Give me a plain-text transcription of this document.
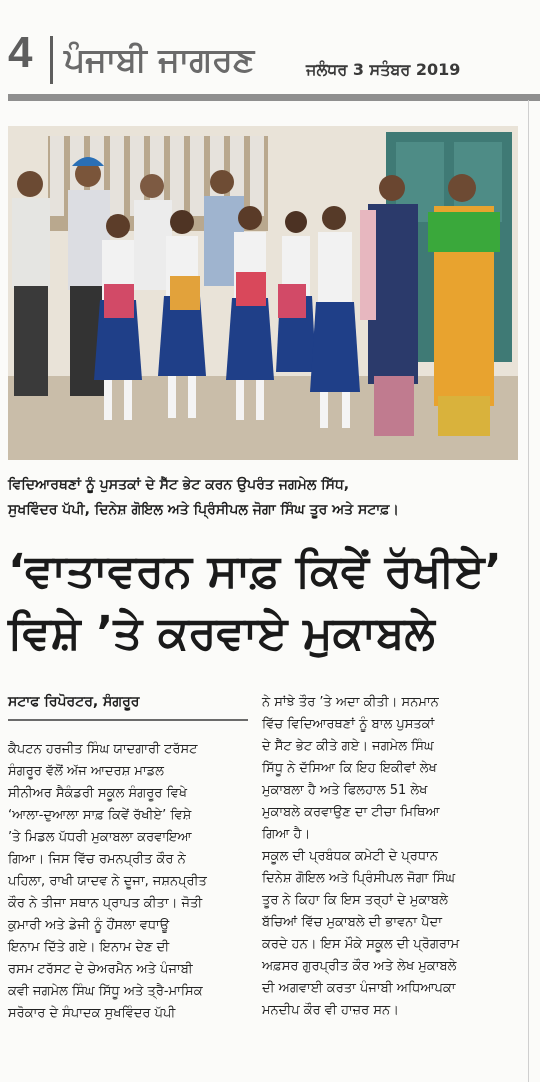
4 ਪੰਜਾਬੀ ਜਾਗਰਣ	ਜਲੰਧਰ 3 ਸਤੰਬਰ 2019
ਵਿਦਿਆਰਥਣਾਂ ਨੂੰ ਪੁਸਤਕਾਂ ਦੇ ਸੈੱਟ ਭੇਟ ਕਰਨ ਉਪਰੰਤ ਜਗਮੇਲ ਸਿੱਧ,
ਸੁਖਵਿੰਦਰ ਪੱਪੀ, ਦਿਨੇਸ਼ ਗੋਇਲ ਅਤੇ ਪ੍ਰਿੰਸੀਪਲ ਜੋਗਾ ਸਿੰਘ ਤੂਰ ਅਤੇ ਸਟਾਫ਼।
‘ਵਾਤਾਵਰਨ ਸਾਫ਼ ਕਿਵੇਂ ਰੱਖੀਏ’
ਵਿਸ਼ੇ ’ਤੇ ਕਰਵਾਏ ਮੁਕਾਬਲੇ
ਸਟਾਫ ਰਿਪੋਰਟਰ, ਸੰਗਰੂਰ
ਕੈਪਟਨ ਹਰਜੀਤ ਸਿੰਘ ਯਾਦਗਾਰੀ ਟਰੱਸਟ
ਸੰਗਰੂਰ ਵੱਲੋਂ ਅੱਜ ਆਦਰਸ਼ ਮਾਡਲ
ਸੀਨੀਅਰ ਸੈਕੰਡਰੀ ਸਕੂਲ ਸੰਗਰੂਰ ਵਿਖੇ
‘ਆਲਾ-ਦੁਆਲਾ ਸਾਫ਼ ਕਿਵੇਂ ਰੱਖੀਏ’ ਵਿਸ਼ੇ
’ਤੇ ਮਿਡਲ ਪੱਧਰੀ ਮੁਕਾਬਲਾ ਕਰਵਾਇਆ
ਗਿਆ। ਜਿਸ ਵਿੱਚ ਰਮਨਪ੍ਰੀਤ ਕੌਰ ਨੇ
ਪਹਿਲਾ, ਰਾਖੀ ਯਾਦਵ ਨੇ ਦੂਜਾ, ਜਸ਼ਨਪ੍ਰੀਤ
ਕੌਰ ਨੇ ਤੀਜਾ ਸਥਾਨ ਪ੍ਰਾਪਤ ਕੀਤਾ। ਜੋਤੀ
ਕੁਮਾਰੀ ਅਤੇ ਡੇਜੀ ਨੂੰ ਹੌਂਸਲਾ ਵਧਾਊ
ਇਨਾਮ ਦਿੱਤੇ ਗਏ। ਇਨਾਮ ਦੇਣ ਦੀ
ਰਸਮ ਟਰੱਸਟ ਦੇ ਚੇਅਰਮੈਨ ਅਤੇ ਪੰਜਾਬੀ
ਕਵੀ ਜਗਮੇਲ ਸਿੰਘ ਸਿੱਧੂ ਅਤੇ ਤ੍ਰੈ-ਮਾਸਿਕ
ਸਰੋਕਾਰ ਦੇ ਸੰਪਾਦਕ ਸੁਖਵਿੰਦਰ ਪੱਪੀ
ਨੇ ਸਾਂਝੇ ਤੌਰ ’ਤੇ ਅਦਾ ਕੀਤੀ। ਸਨਮਾਨ
ਵਿੱਚ ਵਿਦਿਆਰਥਣਾਂ ਨੂੰ ਬਾਲ ਪੁਸਤਕਾਂ
ਦੇ ਸੈੱਟ ਭੇਟ ਕੀਤੇ ਗਏ। ਜਗਮੇਲ ਸਿੰਘ
ਸਿੱਧੂ ਨੇ ਦੱਸਿਆ ਕਿ ਇਹ ਇਕੀਵਾਂ ਲੇਖ
ਮੁਕਾਬਲਾ ਹੈ ਅਤੇ ਫਿਲਹਾਲ 51 ਲੇਖ
ਮੁਕਾਬਲੇ ਕਰਵਾਉਣ ਦਾ ਟੀਚਾ ਮਿਥਿਆ
ਗਿਆ ਹੈ।
ਸਕੂਲ ਦੀ ਪ੍ਰਬੰਧਕ ਕਮੇਟੀ ਦੇ ਪ੍ਰਧਾਨ
ਦਿਨੇਸ਼ ਗੋਇਲ ਅਤੇ ਪ੍ਰਿੰਸੀਪਲ ਜੋਗਾ ਸਿੰਘ
ਤੂਰ ਨੇ ਕਿਹਾ ਕਿ ਇਸ ਤਰ੍ਹਾਂ ਦੇ ਮੁਕਾਬਲੇ
ਬੱਚਿਆਂ ਵਿੱਚ ਮੁਕਾਬਲੇ ਦੀ ਭਾਵਨਾ ਪੈਦਾ
ਕਰਦੇ ਹਨ। ਇਸ ਮੌਕੇ ਸਕੂਲ ਦੀ ਪ੍ਰੋਗਰਾਮ
ਅਫ਼ਸਰ ਗੁਰਪ੍ਰੀਤ ਕੌਰ ਅਤੇ ਲੇਖ ਮੁਕਾਬਲੇ
ਦੀ ਅਗਵਾਈ ਕਰਤਾ ਪੰਜਾਬੀ ਅਧਿਆਪਕਾ
ਮਨਦੀਪ ਕੌਰ ਵੀ ਹਾਜ਼ਰ ਸਨ।
